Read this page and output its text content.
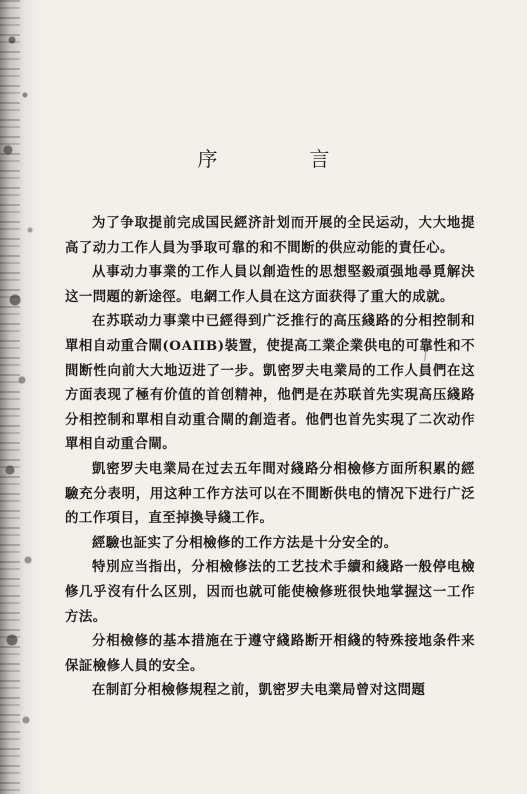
序　言

为了争取提前完成国民經济計划而开展的全民运动，大大地提高了动力工作人員为爭取可靠的和不間断的供应动能的責任心。

从事动力事業的工作人員以創造性的思想堅毅頑强地尋覓解決这一問題的新途徑。电網工作人員在这方面获得了重大的成就。

在苏联动力事業中已經得到广泛推行的高压綫路的分相控制和單相自动重合閘(ОАПВ)裝置，使提高工業企業供电的可靠性和不間断性向前大大地迈进了一步。凱密罗夫电業局的工作人員們在这方面表现了極有价值的首创精神，他們是在苏联首先实現高压綫路分相控制和單相自动重合閘的創造者。他們也首先实現了二次动作單相自动重合閘。

凱密罗夫电業局在过去五年間对綫路分相檢修方面所积累的經驗充分表明，用这种工作方法可以在不間断供电的情况下进行广泛的工作項目，直至掉換导綫工作。

經驗也証实了分相檢修的工作方法是十分安全的。

特別应当指出，分相檢修法的工艺技术手續和綫路一般停电檢修几乎沒有什么区別，因而也就可能使檢修班很快地掌握这一工作方法。

分相檢修的基本措施在于遵守綫路断开相綫的特殊接地条件来保証檢修人員的安全。

在制訂分相檢修規程之前，凱密罗夫电業局曾对这問題
